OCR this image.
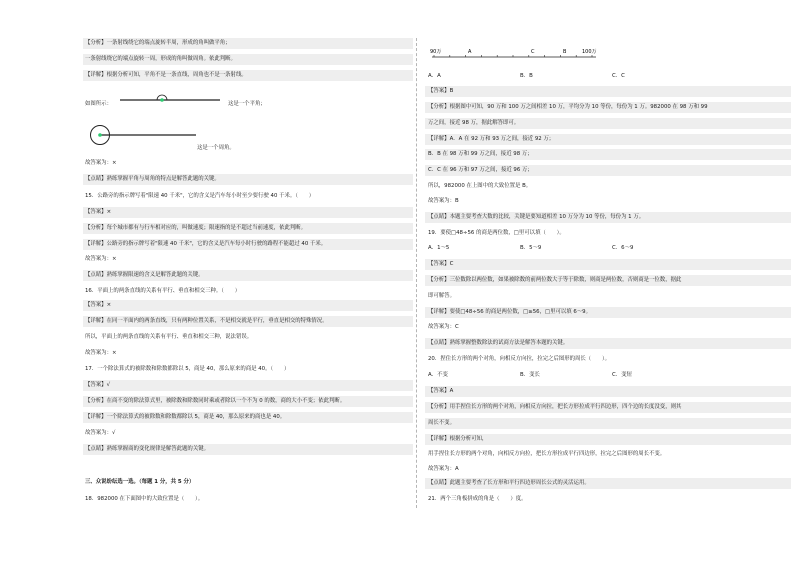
【分析】一条射线绕它的端点旋转半周，形成的角叫做平角；
一条射线绕它的端点旋转一周，形成的角叫做周角。依此判断。
【详解】根据分析可知，平角不是一条直线，周角也不是一条射线。
如图所示：	这是一个平角；
这是一个周角。
故答案为：×
【点睛】熟练掌握平角与周角的特点是解答此题的关键。
15．公路旁的指示牌写着"限速 40 千米"，它的含义是汽车每小时至少要行驶 40 千米。（　　）
【答案】×
【分析】每个城市都有与行车相对应的，叫做速度；限速指的是不超过当前速度，依此判断。
【详解】公路旁的指示牌写着"限速 40 千米"，它的含义是汽车每小时行驶的路程不能超过 40 千米。
故答案为：×
【点睛】熟练掌握限速的含义是解答此题的关键。
16．平面上的两条直线的关系有平行、垂直和相交三种。（　　）
【答案】×
【详解】在同一平面内的两条直线，只有两种位置关系，不是相交就是平行，垂直是相交的特殊情况。
所以，平面上的两条直线的关系有平行、垂直和相交三种，说法错误。
故答案为：×
17．一个除法算式的被除数和除数都除以 5，商是 40，那么原来的商是 40。（　　）
【答案】√
【分析】在商不变的除法算式里，被除数和除数同时乘或者除以一个不为 0 的数，商的大小不变；依此判断。
【详解】一个除法算式的被除数和除数都除以 5，商是 40，那么原来的商也是 40。
故答案为：√
【点睛】熟练掌握商的变化规律是解答此题的关键。
三、众说纷纭选一选。（每题 1 分，共 5 分）
18．982000 在下面图中的大致位置是（　　）。
90万	A	C	B	100万
A．A	B．B	C．C
【答案】B
【分析】根据图中可知，90 万和 100 万之间相差 10 万，平均分为 10 等份，每份为 1 万。982000 在 98 万和 99
万之间，接近 98 万，据此解答即可。
【详解】A．A 在 92 万和 93 万之间，接近 92 万；
B．B 在 98 万和 99 万之间，接近 98 万；
C．C 在 96 万和 97 万之间，接近 96 万；
所以，982000 在上图中的大致位置是 B。
故答案为：B
【点睛】本题主要考查大数的比较，关键是要知道相差 10 万分为 10 等份，每份为 1 万。
19．要使□48÷56 的商是两位数，□里可以填（　　）。
A．1～5	B．5～9	C．6～9
【答案】C
【分析】三位数除以两位数，如果被除数的前两位数大于等于除数，则商是两位数，否则商是一位数，据此
即可解答。
【详解】要使□48÷56 的商是两位数，□≥56，□里可以填 6～9。
故答案为：C
【点睛】熟练掌握整数除法的试商方法是解答本题的关键。
20．捏住长方形的两个对角，向相反方向拉，拉完之后图形的周长（　　）。
A．不变	B．变长	C．变短
【答案】A
【分析】用手捏住长方形的两个对角，向相反方向拉，把长方形拉成平行四边形，四个边的长度没变，则其
周长不变。
【详解】根据分析可知，
用手捏住长方形的两个对角，向相反方向拉，把长方形拉成平行四边形，拉完之后图形的周长不变。
故答案为：A
【点睛】此题主要考查了长方形和平行四边形周长公式的灵活运用。
21．两个三角板拼成的角是（　　）度。
